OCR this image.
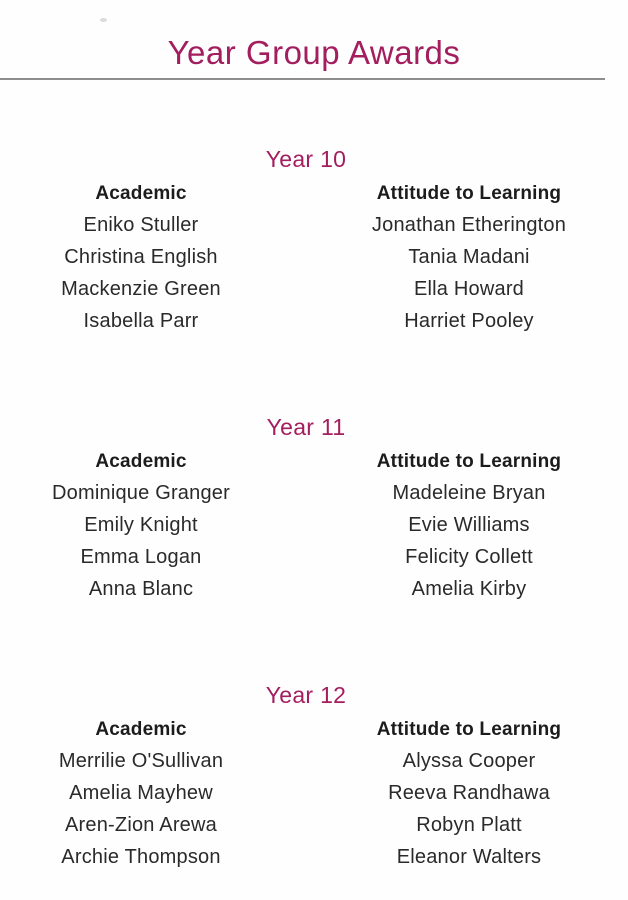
Year Group Awards
Year 10
Academic
Eniko Stuller
Christina English
Mackenzie Green
Isabella Parr
Attitude to Learning
Jonathan Etherington
Tania Madani
Ella Howard
Harriet Pooley
Year 11
Academic
Dominique Granger
Emily Knight
Emma Logan
Anna Blanc
Attitude to Learning
Madeleine Bryan
Evie Williams
Felicity Collett
Amelia Kirby
Year 12
Academic
Merrilie O'Sullivan
Amelia Mayhew
Aren-Zion Arewa
Archie Thompson
Attitude to Learning
Alyssa Cooper
Reeva Randhawa
Robyn Platt
Eleanor Walters
